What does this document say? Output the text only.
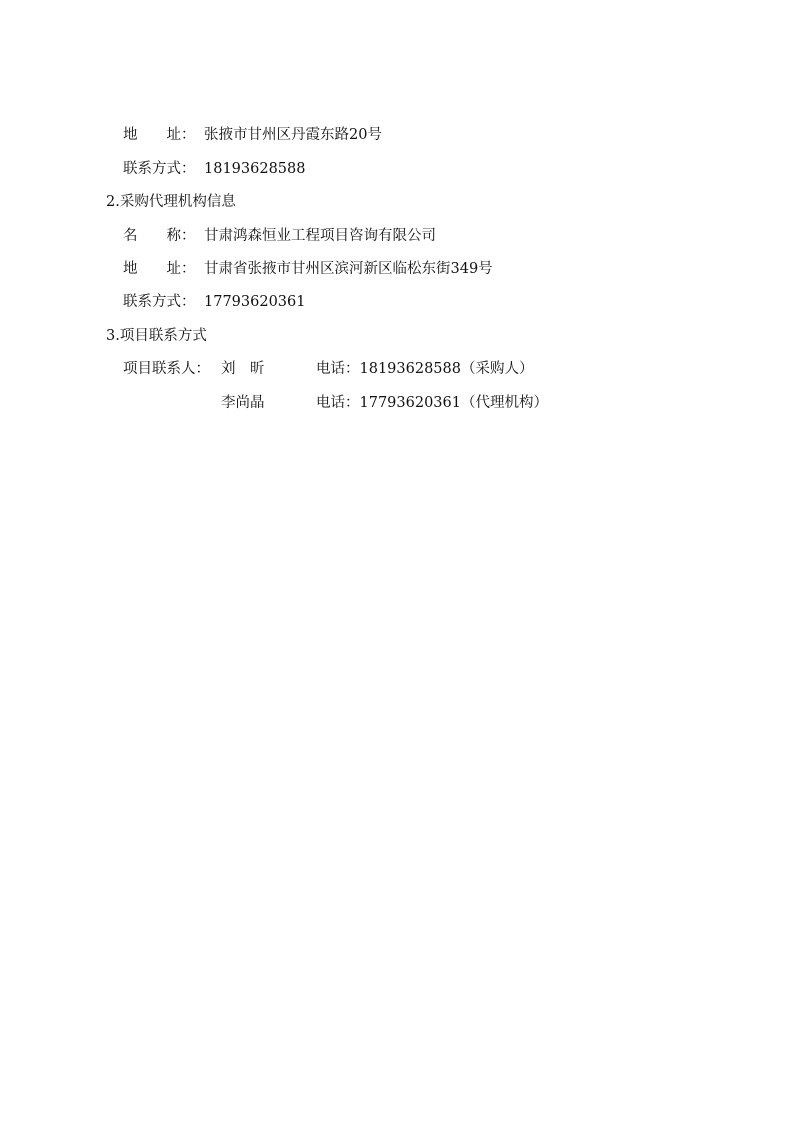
地　　址：

张掖市甘州区丹霞东路20号

联系方式：

18193628588

2.采购代理机构信息

名　　称：

甘肃鸿森恒业工程项目咨询有限公司

地　　址：

甘肃省张掖市甘州区滨河新区临松东街349号

联系方式：

17793620361

3.项目联系方式

项目联系人：

刘　昕

	电话：18193628588（采购人）

李尚晶

	电话：17793620361（代理机构）
